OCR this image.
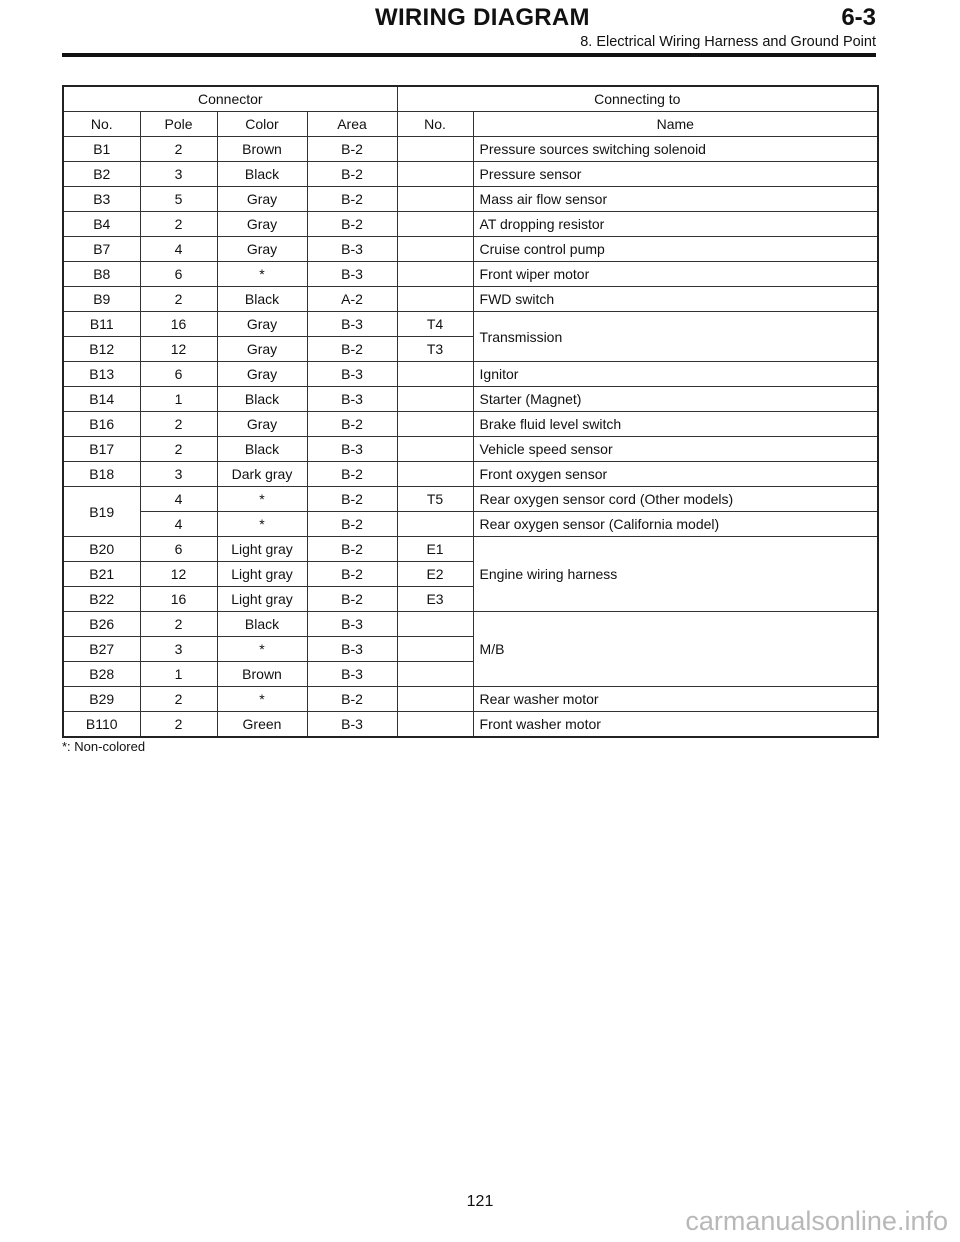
WIRING DIAGRAM	6-3
8. Electrical Wiring Harness and Ground Point
Connector				Connecting to	
No.	Pole	Color	Area	No.	Name
B1	2	Brown	B-2		Pressure sources switching solenoid
B2	3	Black	B-2		Pressure sensor
B3	5	Gray	B-2		Mass air flow sensor
B4	2	Gray	B-2		AT dropping resistor
B7	4	Gray	B-3		Cruise control pump
B8	6	*	B-3		Front wiper motor
B9	2	Black	A-2		FWD switch
B11	16	Gray	B-3	T4	Transmission
B12	12	Gray	B-2	T3	
B13	6	Gray	B-3		Ignitor
B14	1	Black	B-3		Starter (Magnet)
B16	2	Gray	B-2		Brake fluid level switch
B17	2	Black	B-3		Vehicle speed sensor
B18	3	Dark gray	B-2		Front oxygen sensor
B19	4	*	B-2	T5	Rear oxygen sensor cord (Other models)
	4	*	B-2		Rear oxygen sensor (California model)
B20	6	Light gray	B-2	E1	Engine wiring harness
B21	12	Light gray	B-2	E2	
B22	16	Light gray	B-2	E3	
B26	2	Black	B-3		M/B
B27	3	*	B-3		
B28	1	Brown	B-3		
B29	2	*	B-2		Rear washer motor
B110	2	Green	B-3		Front washer motor
*: Non-colored
121
carmanualsonline.info
